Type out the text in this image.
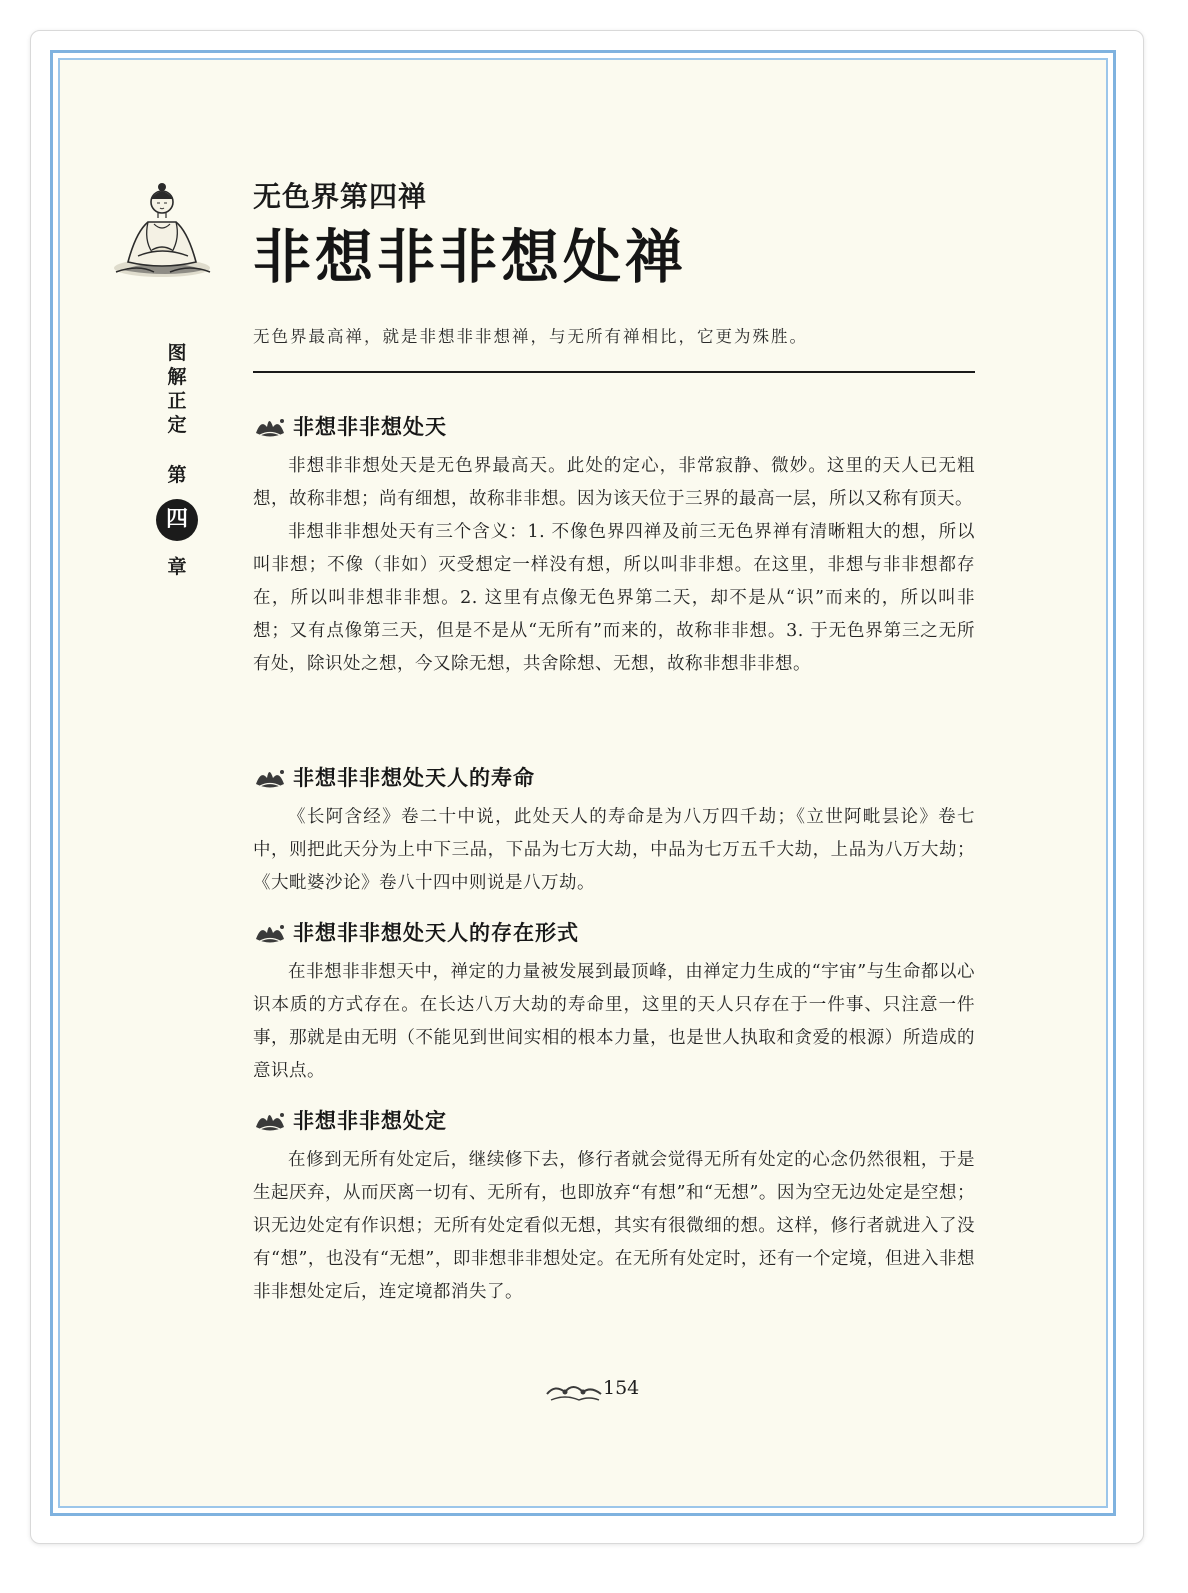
图
解
正
定
第
四
章
无色界第四禅
非想非非想处禅
无色界最高禅，就是非想非非想禅，与无所有禅相比，它更为殊胜。
非想非非想处天

非想非非想处天是无色界最高天。此处的定心，非常寂静、微妙。这里的天人已无粗想，故称非想；尚有细想，故称非非想。因为该天位于三界的最高一层，所以又称有顶天。

非想非非想处天有三个含义：1. 不像色界四禅及前三无色界禅有清晰粗大的想，所以叫非想；不像（非如）灭受想定一样没有想，所以叫非非想。在这里，非想与非非想都存在，所以叫非想非非想。2. 这里有点像无色界第二天，却不是从“识”而来的，所以叫非想；又有点像第三天，但是不是从“无所有”而来的，故称非非想。3. 于无色界第三之无所有处，除识处之想，今又除无想，共舍除想、无想，故称非想非非想。

非想非非想处天人的寿命

《长阿含经》卷二十中说，此处天人的寿命是为八万四千劫；《立世阿毗昙论》卷七中，则把此天分为上中下三品，下品为七万大劫，中品为七万五千大劫，上品为八万大劫；《大毗婆沙论》卷八十四中则说是八万劫。

非想非非想处天人的存在形式

在非想非非想天中，禅定的力量被发展到最顶峰，由禅定力生成的“宇宙”与生命都以心识本质的方式存在。在长达八万大劫的寿命里，这里的天人只存在于一件事、只注意一件事，那就是由无明（不能见到世间实相的根本力量，也是世人执取和贪爱的根源）所造成的意识点。

非想非非想处定

在修到无所有处定后，继续修下去，修行者就会觉得无所有处定的心念仍然很粗，于是生起厌弃，从而厌离一切有、无所有，也即放弃“有想”和“无想”。因为空无边处定是空想；识无边处定有作识想；无所有处定看似无想，其实有很微细的想。这样，修行者就进入了没有“想”，也没有“无想”，即非想非非想处定。在无所有处定时，还有一个定境，但进入非想非非想处定后，连定境都消失了。

154
